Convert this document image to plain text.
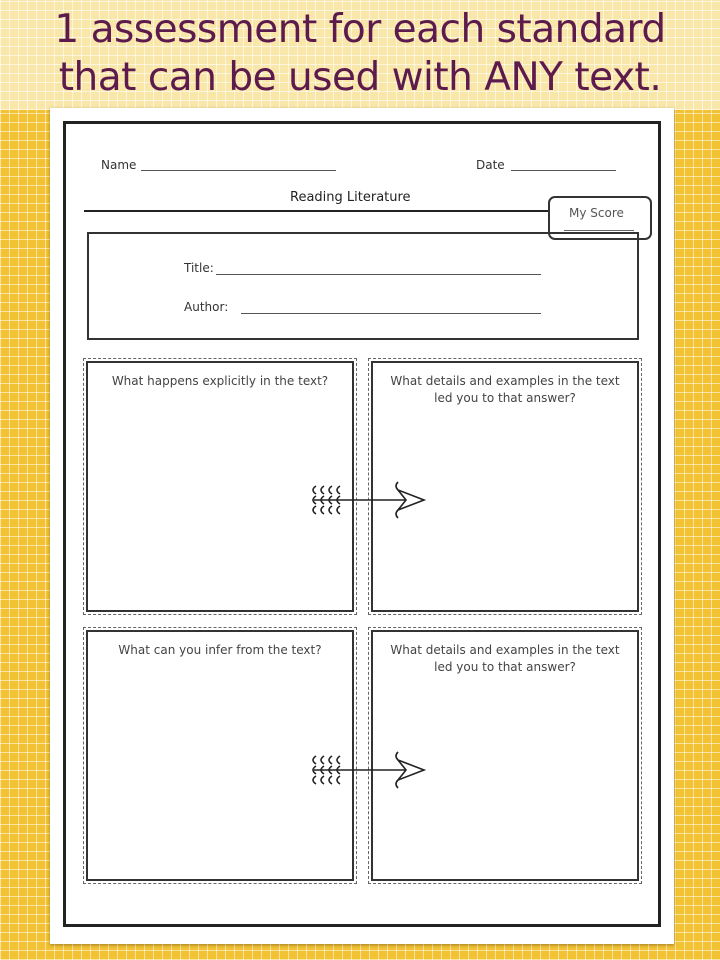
1 assessment for each standard
that can be used with ANY text.
Name	Date
Reading Literature
My Score
Title:
Author:
What happens explicitly in the text?	What details and examples in the text led you to that answer?
What can you infer from the text?	What details and examples in the text led you to that answer?
